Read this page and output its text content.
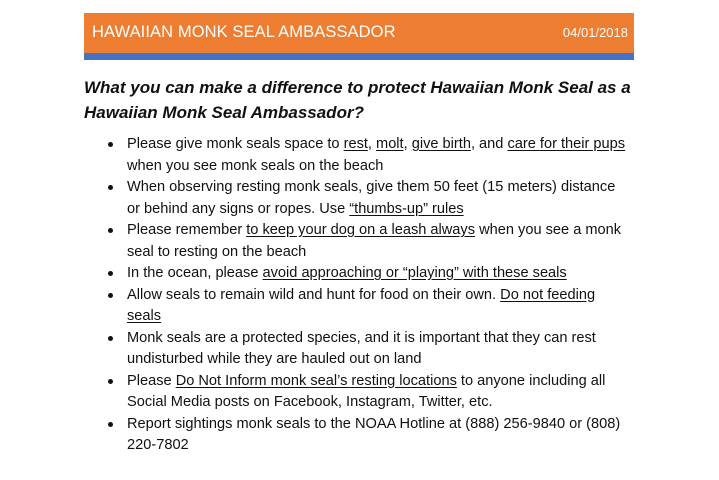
HAWAIIAN MONK SEAL AMBASSADOR	04/01/2018
What you can make a difference to protect Hawaiian Monk Seal as a Hawaiian Monk Seal Ambassador?
Please give monk seals space to rest, molt, give birth, and care for their pups when you see monk seals on the beach
When observing resting monk seals, give them 50 feet (15 meters) distance or behind any signs or ropes. Use “thumbs-up” rules
Please remember to keep your dog on a leash always when you see a monk seal to resting on the beach
In the ocean, please avoid approaching or “playing” with these seals
Allow seals to remain wild and hunt for food on their own. Do not feeding seals
Monk seals are a protected species, and it is important that they can rest undisturbed while they are hauled out on land
Please Do Not Inform monk seal’s resting locations to anyone including all Social Media posts on Facebook, Instagram, Twitter, etc.
Report sightings monk seals to the NOAA Hotline at (888) 256-9840 or (808) 220-7802
